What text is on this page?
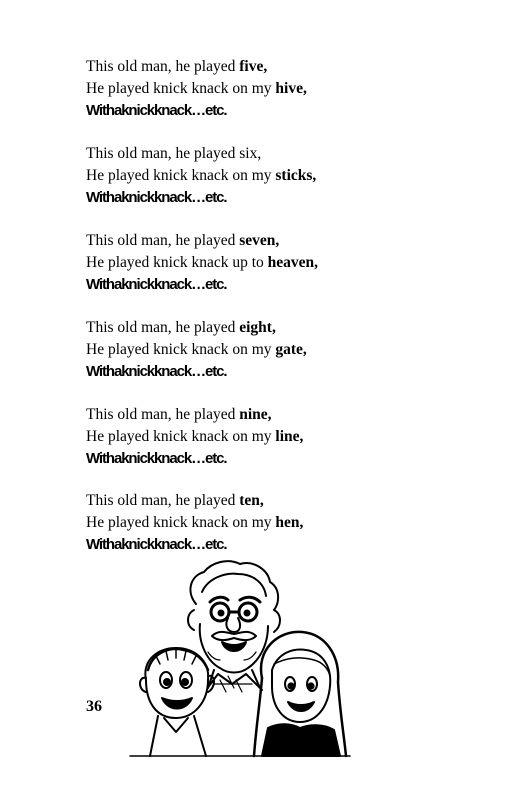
This old man, he played five,
He played knick knack on my hive,
Withaknickknack…etc.
This old man, he played six,
He played knick knack on my sticks,
Withaknickknack…etc.
This old man, he played seven,
He played knick knack up to heaven,
Withaknickknack…etc.
This old man, he played eight,
He played knick knack on my gate,
Withaknickknack…etc.
This old man, he played nine,
He played knick knack on my line,
Withaknickknack…etc.
This old man, he played ten,
He played knick knack on my hen,
Withaknickknack…etc.
36
